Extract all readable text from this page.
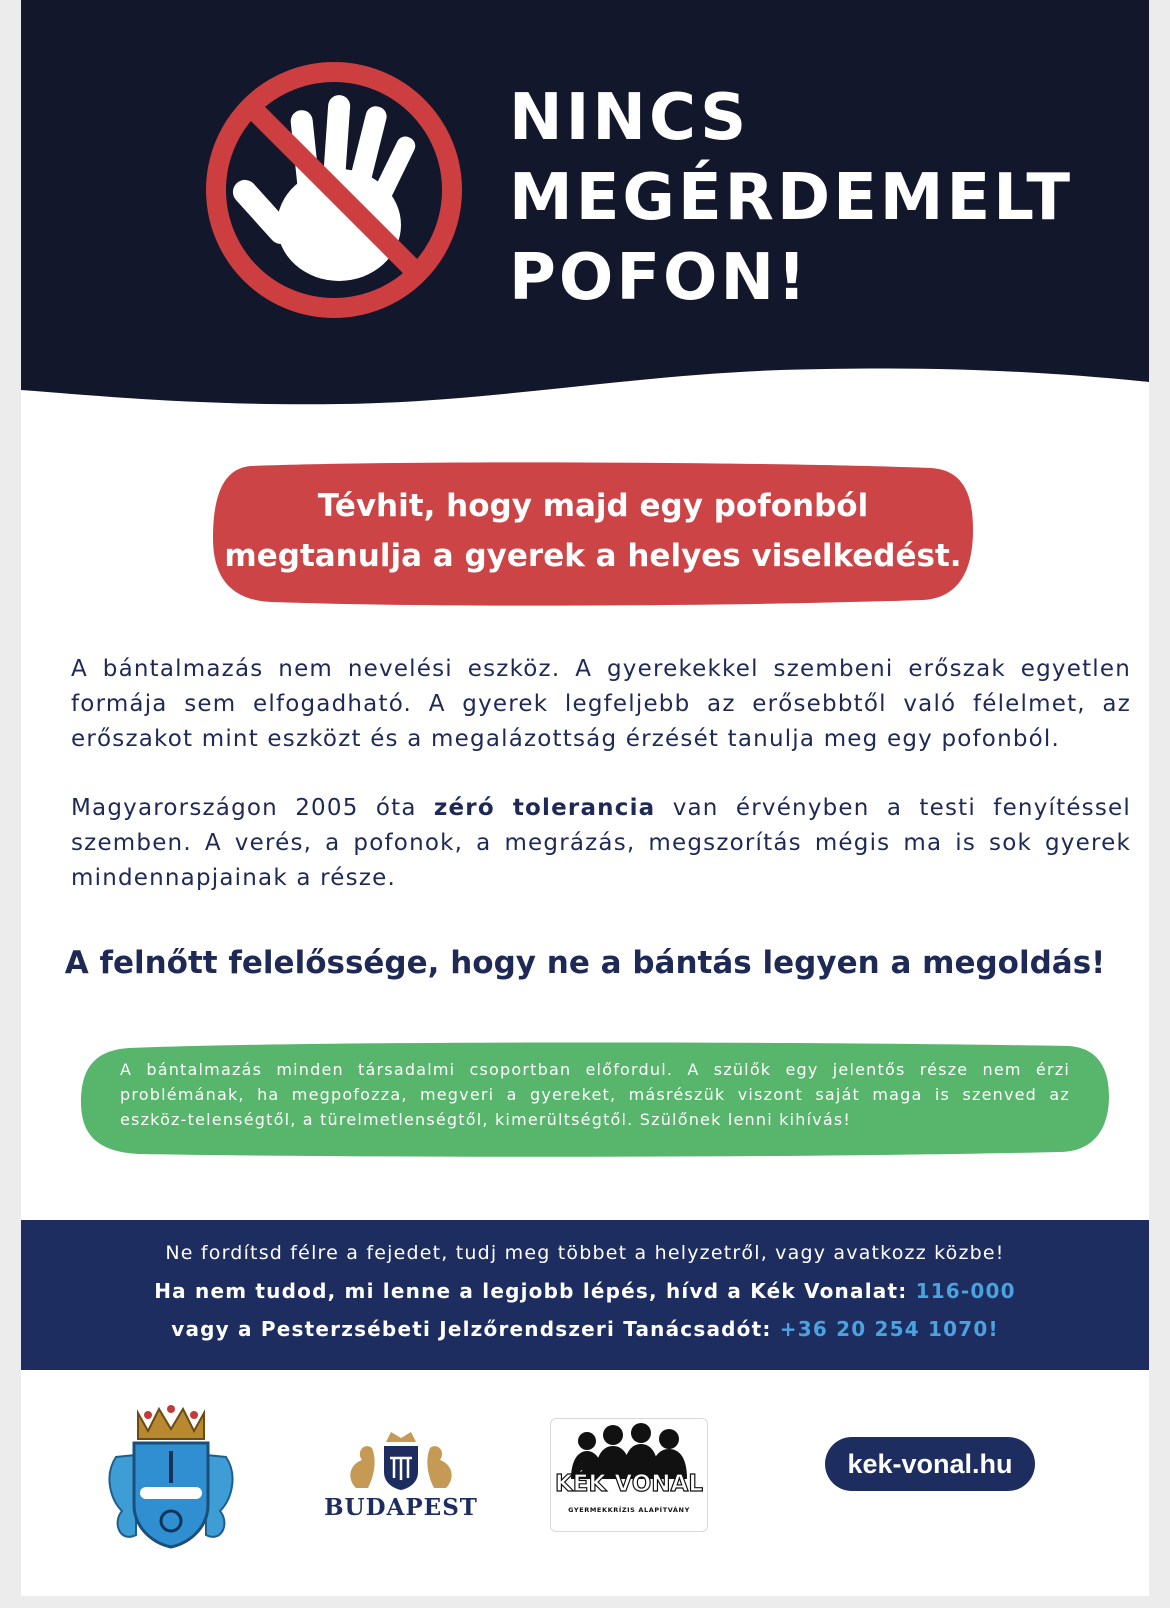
NINCS
MEGÉRDEMELT
POFON!
Tévhit, hogy majd egy pofonból
megtanulja a gyerek a helyes viselkedést.

A bántalmazás nem nevelési eszköz. A gyerekekkel szembeni erőszak egyetlen formája sem elfogadható. A gyerek legfeljebb az erősebbtől való félelmet, az erőszakot mint eszközt és a megalázottság érzését tanulja meg egy pofonból.

Magyarországon 2005 óta zéró tolerancia van érvényben a testi fenyítéssel szemben. A verés, a pofonok, a megrázás, megszorítás mégis ma is sok gyerek mindennapjainak a része.

A felnőtt felelőssége, hogy ne a bántás legyen a megoldás!

A bántalmazás minden társadalmi csoportban előfordul. A szülők egy jelentős része nem érzi problémának, ha megpofozza, megveri a gyereket, másrészük viszont saját maga is szenved az eszköz-telenségtől, a türelmetlenségtől, kimerültségtől. Szülőnek lenni kihívás!

Ne fordítsd félre a fejedet, tudj meg többet a helyzetről, vagy avatkozz közbe!
Ha nem tudod, mi lenne a legjobb lépés, hívd a Kék Vonalat: 116-000
vagy a Pesterzsébeti Jelzőrendszeri Tanácsadót: +36 20 254 1070!
BUDAPEST
KÉK VONAL
GYERMEKKRÍZIS ALAPÍTVÁNY
kek-vonal.hu
